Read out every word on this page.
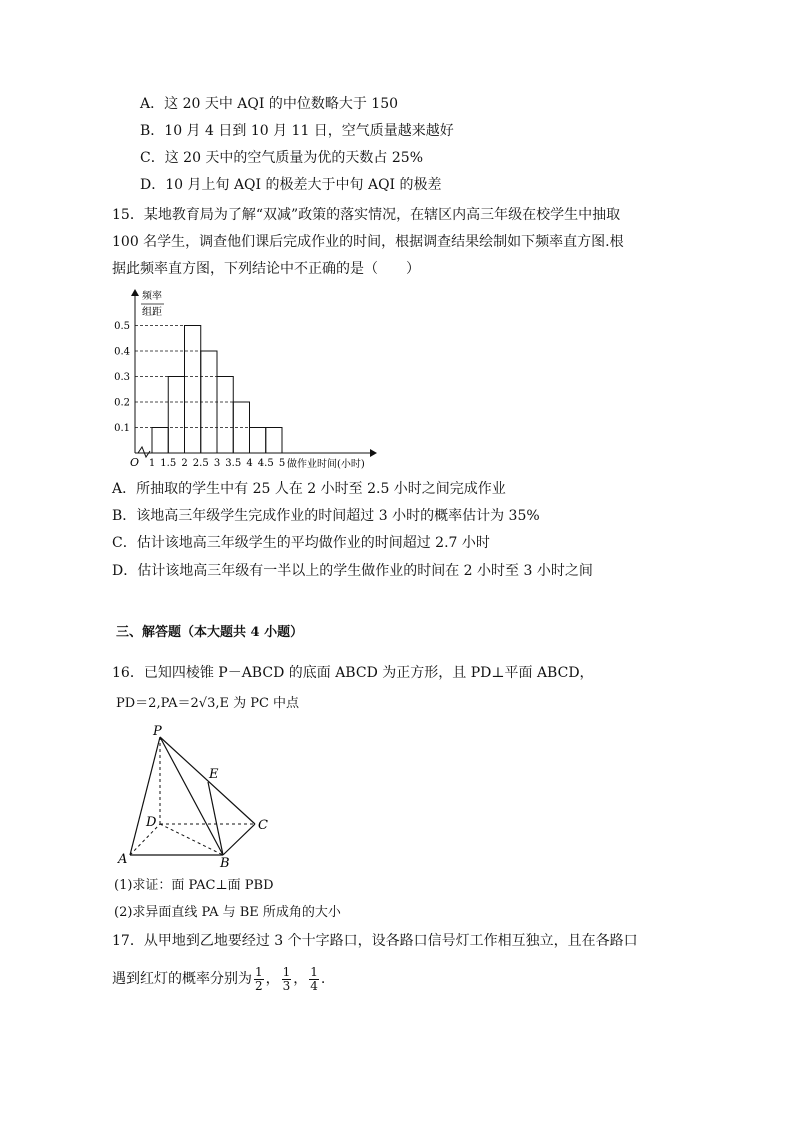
A．这 20 天中 AQI 的中位数略大于 150
B．10 月 4 日到 10 月 11 日，空气质量越来越好
C．这 20 天中的空气质量为优的天数占 25%
D．10 月上旬 AQI 的极差大于中旬 AQI 的极差
15．某地教育局为了解“双减”政策的落实情况，在辖区内高三年级在校学生中抽取
100 名学生，调查他们课后完成作业的时间，根据调查结果绘制如下频率直方图.根
据此频率直方图，下列结论中不正确的是（　　）
频率
组距
O	做作业时间(小时)
0.1
0.2
0.3
0.4
0.5
1 1.5 2 2.5 3 3.5 4 4.5 5
A．所抽取的学生中有 25 人在 2 小时至 2.5 小时之间完成作业
B．该地高三年级学生完成作业的时间超过 3 小时的概率估计为 35%
C．估计该地高三年级学生的平均做作业的时间超过 2.7 小时
D．估计该地高三年级有一半以上的学生做作业的时间在 2 小时至 3 小时之间
三、解答题（本大题共 4 小题）
16．已知四棱锥 P－ABCD 的底面 ABCD 为正方形，且 PD⊥平面 ABCD，
PD＝2,PA＝2√3,E 为 PC 中点
P
E
D	C
A	B
(1)求证：面 PAC⊥面 PBD
(2)求异面直线 PA 与 BE 所成角的大小
17．从甲地到乙地要经过 3 个十字路口，设各路口信号灯工作相互独立，且在各路口
遇到红灯的概率分别为 $\frac{1}{2}$ ， $\frac{1}{3}$ ， $\frac{1}{4}$ .
